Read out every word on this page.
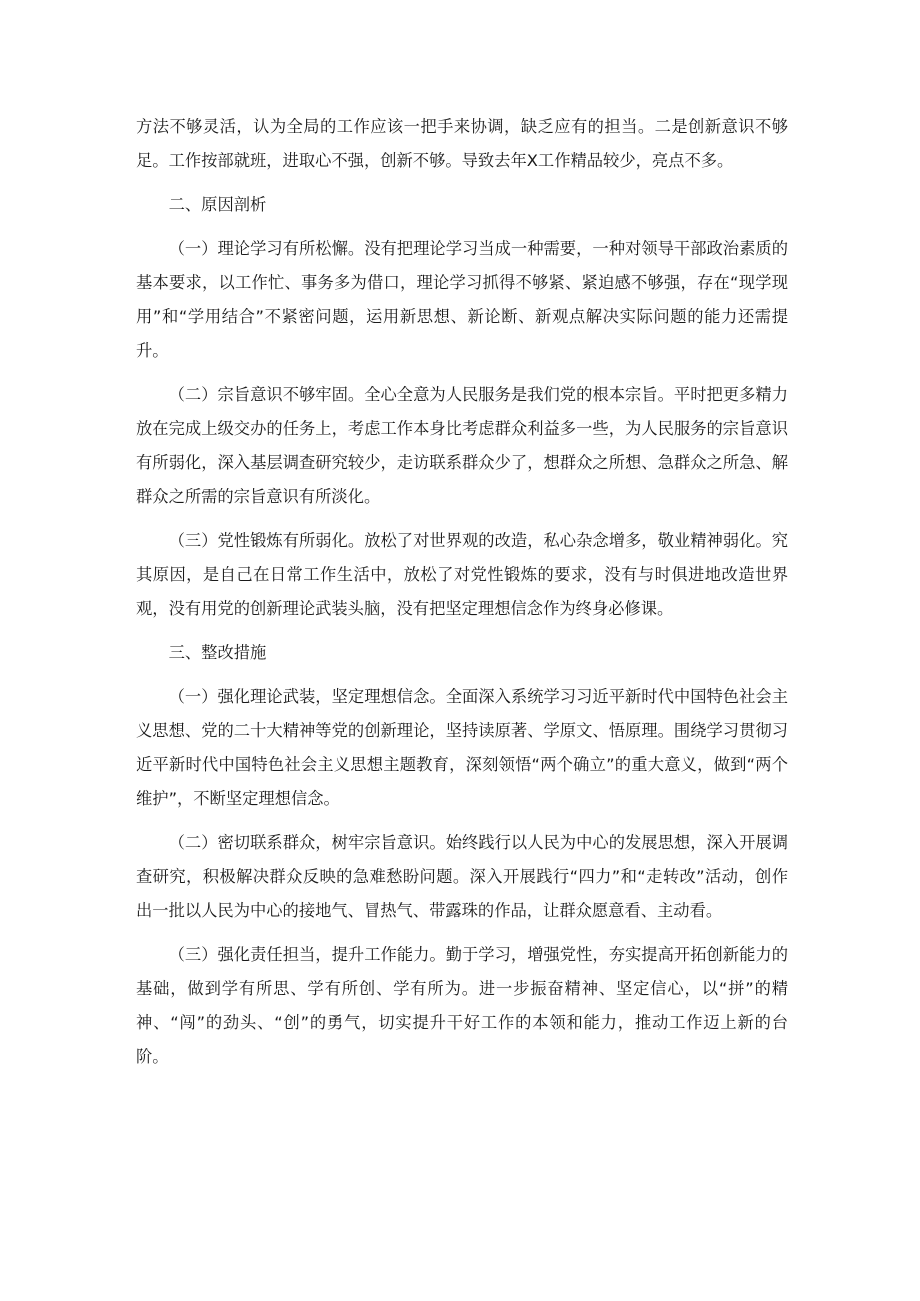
方法不够灵活，认为全局的工作应该一把手来协调，缺乏应有的担当。二是创新意识不够足。工作按部就班，进取心不强，创新不够。导致去年X工作精品较少，亮点不多。

二、原因剖析

（一）理论学习有所松懈。没有把理论学习当成一种需要，一种对领导干部政治素质的基本要求，以工作忙、事务多为借口，理论学习抓得不够紧、紧迫感不够强，存在“现学现用”和“学用结合”不紧密问题，运用新思想、新论断、新观点解决实际问题的能力还需提升。

（二）宗旨意识不够牢固。全心全意为人民服务是我们党的根本宗旨。平时把更多精力放在完成上级交办的任务上，考虑工作本身比考虑群众利益多一些，为人民服务的宗旨意识有所弱化，深入基层调查研究较少，走访联系群众少了，想群众之所想、急群众之所急、解群众之所需的宗旨意识有所淡化。

（三）党性锻炼有所弱化。放松了对世界观的改造，私心杂念增多，敬业精神弱化。究其原因，是自己在日常工作生活中，放松了对党性锻炼的要求，没有与时俱进地改造世界观，没有用党的创新理论武装头脑，没有把坚定理想信念作为终身必修课。

三、整改措施

（一）强化理论武装，坚定理想信念。全面深入系统学习习近平新时代中国特色社会主义思想、党的二十大精神等党的创新理论，坚持读原著、学原文、悟原理。围绕学习贯彻习近平新时代中国特色社会主义思想主题教育，深刻领悟“两个确立”的重大意义，做到“两个维护”，不断坚定理想信念。

（二）密切联系群众，树牢宗旨意识。始终践行以人民为中心的发展思想，深入开展调查研究，积极解决群众反映的急难愁盼问题。深入开展践行“四力”和“走转改”活动，创作出一批以人民为中心的接地气、冒热气、带露珠的作品，让群众愿意看、主动看。

（三）强化责任担当，提升工作能力。勤于学习，增强党性，夯实提高开拓创新能力的基础，做到学有所思、学有所创、学有所为。进一步振奋精神、坚定信心，以“拼”的精神、“闯”的劲头、“创”的勇气，切实提升干好工作的本领和能力，推动工作迈上新的台阶。
